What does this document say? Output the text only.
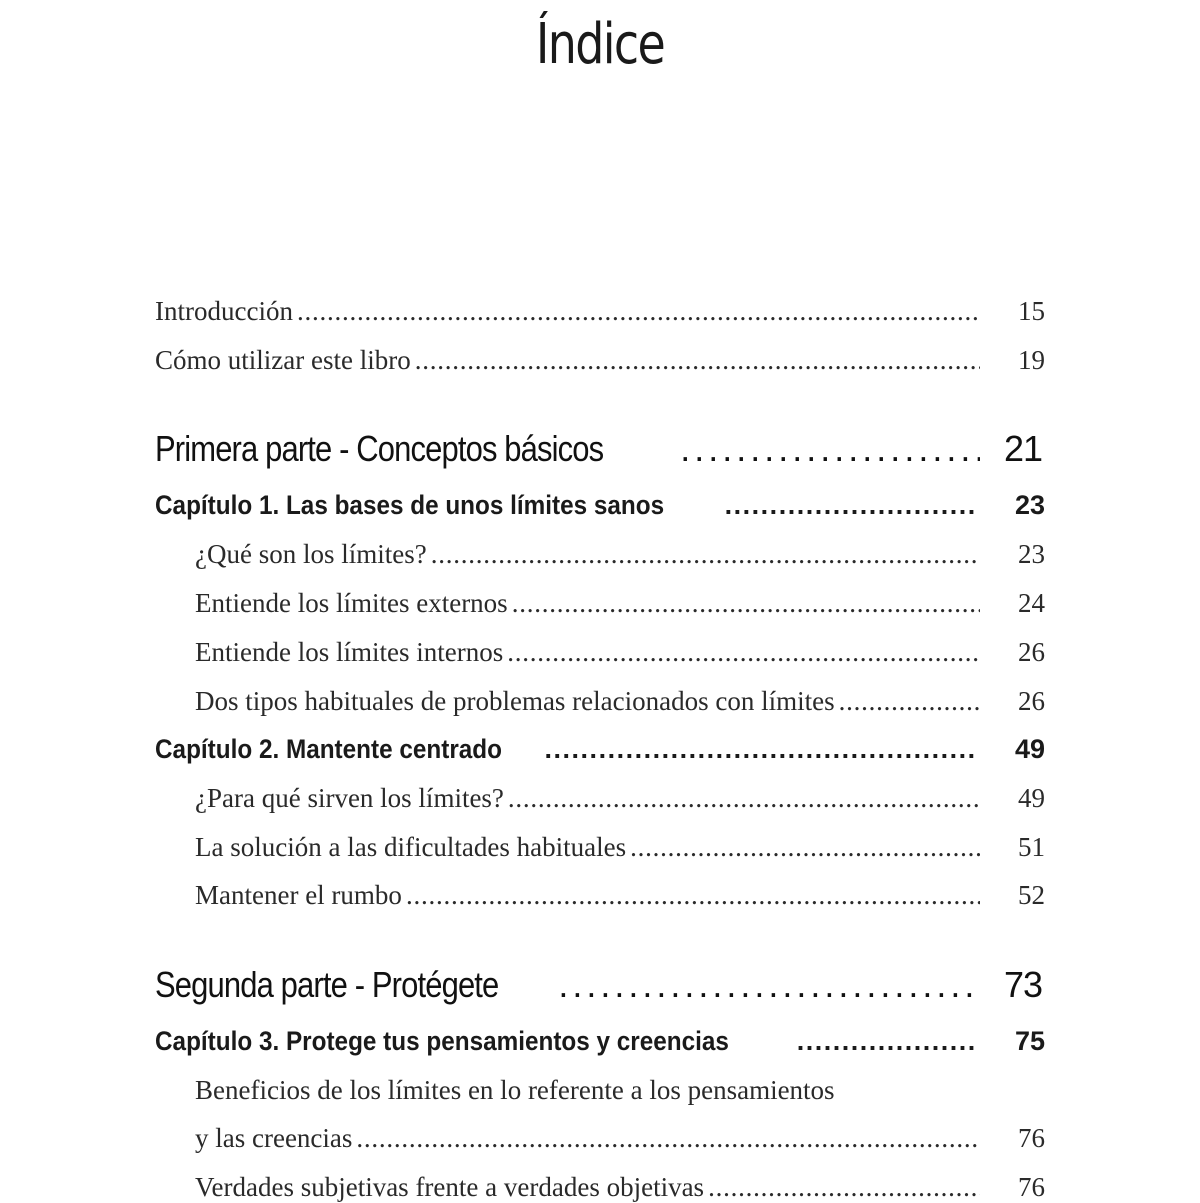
Índice
Introducción . . .	15
Cómo utilizar este libro . . .	19
Primera parte - Conceptos básicos . . .	21
Capítulo 1. Las bases de unos límites sanos . . .	23
¿Qué son los límites? . . .	23
Entiende los límites externos . . .	24
Entiende los límites internos . . .	26
Dos tipos habituales de problemas relacionados con límites . . .	26
Capítulo 2. Mantente centrado . . .	49
¿Para qué sirven los límites? . . .	49
La solución a las dificultades habituales . . .	51
Mantener el rumbo . . .	52
Segunda parte - Protégete . . .	73
Capítulo 3. Protege tus pensamientos y creencias . . .	75
Beneficios de los límites en lo referente a los pensamientos
y las creencias . . .	76
Verdades subjetivas frente a verdades objetivas . . .	76
